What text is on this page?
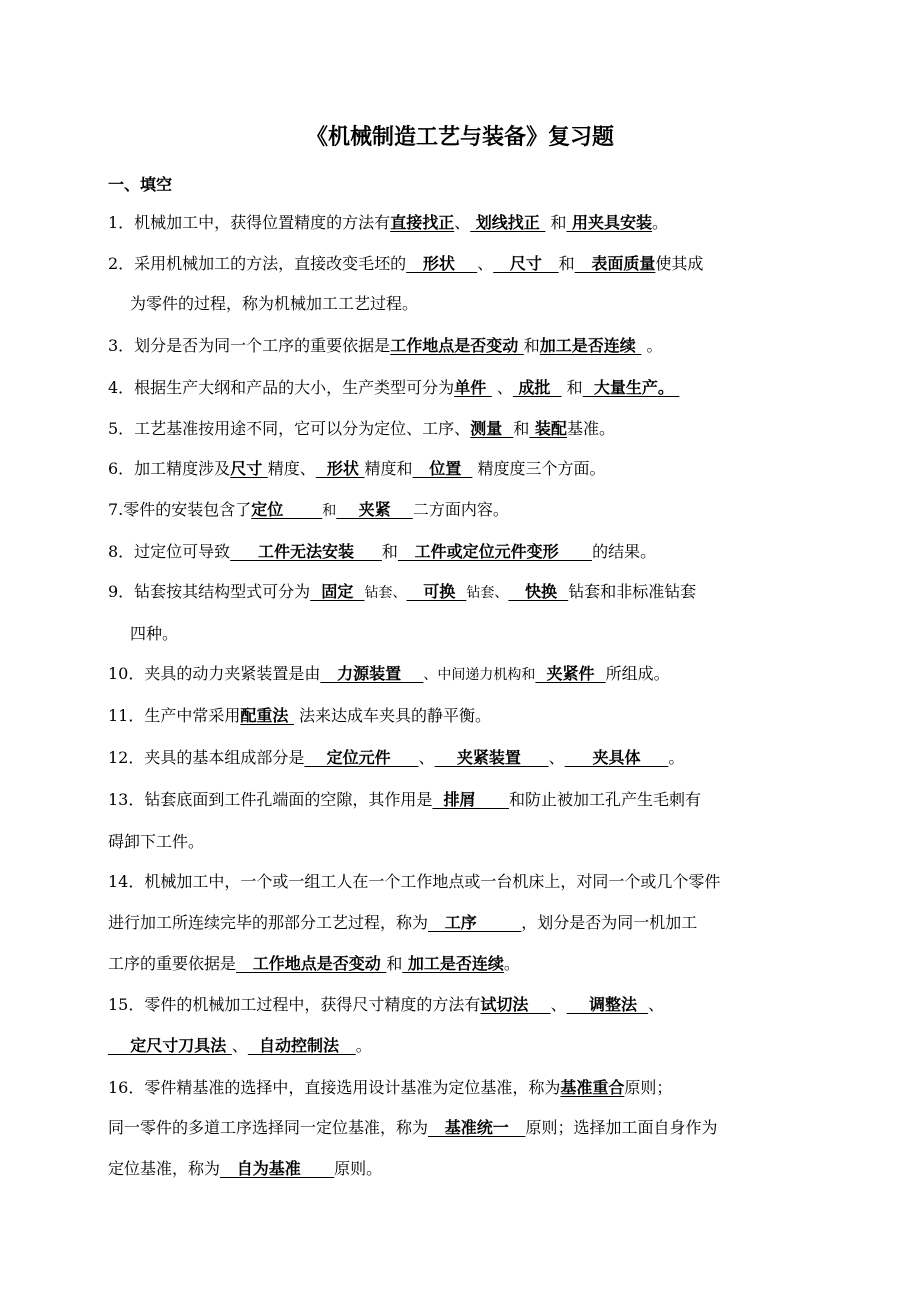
《机械制造工艺与装备》复习题
一、填空
1．机械加工中，获得位置精度的方法有直接找正、 划线找正  和 用夹具安装。
2．采用机械加工的方法，直接改变毛坯的   形状    、   尺寸   和   表面质量使其成
为零件的过程，称为机械加工工艺过程。
3．划分是否为同一个工序的重要依据是工作地点是否变动 和加工是否连续  。
4．根据生产大纲和产品的大小，生产类型可分为单件  、 成批   和  大量生产。
5．工艺基准按用途不同，它可以分为定位、工序、测量  和 装配基准。
6．加工精度涉及尺寸 精度、  形状 精度和   位置   精度度三个方面。
7.零件的安装包含了定位       和    夹紧    二方面内容。
8．过定位可导致     工件无法安装     和   工件或定位元件变形      的结果。
9．钻套按其结构型式可分为  固定  钻套、   可换  钻套、   快换  钻套和非标准钻套
四种。
10．夹具的动力夹紧装置是由   力源装置    、中间递力机构和  夹紧件  所组成。
11．生产中常采用配重法  法来达成车夹具的静平衡。
12．夹具的基本组成部分是    定位元件     、    夹紧装置     、     夹具体     。
13．钻套底面到工件孔端面的空隙，其作用是  排屑      和防止被加工孔产生毛刺有
碍卸下工件。
14．机械加工中，一个或一组工人在一个工作地点或一台机床上，对同一个或几个零件
进行加工所连续完毕的那部分工艺过程，称为   工序        ，划分是否为同一机加工
工序的重要依据是   工作地点是否变动 和 加工是否连续。
15．零件的机械加工过程中，获得尺寸精度的方法有试切法    、    调整法  、
定尺寸刀具法 、  自动控制法   。
16．零件精基准的选择中，直接选用设计基准为定位基准，称为基准重合原则；
同一零件的多道工序选择同一定位基准，称为   基准统一   原则；选择加工面自身作为
定位基准，称为   自为基准      原则。
